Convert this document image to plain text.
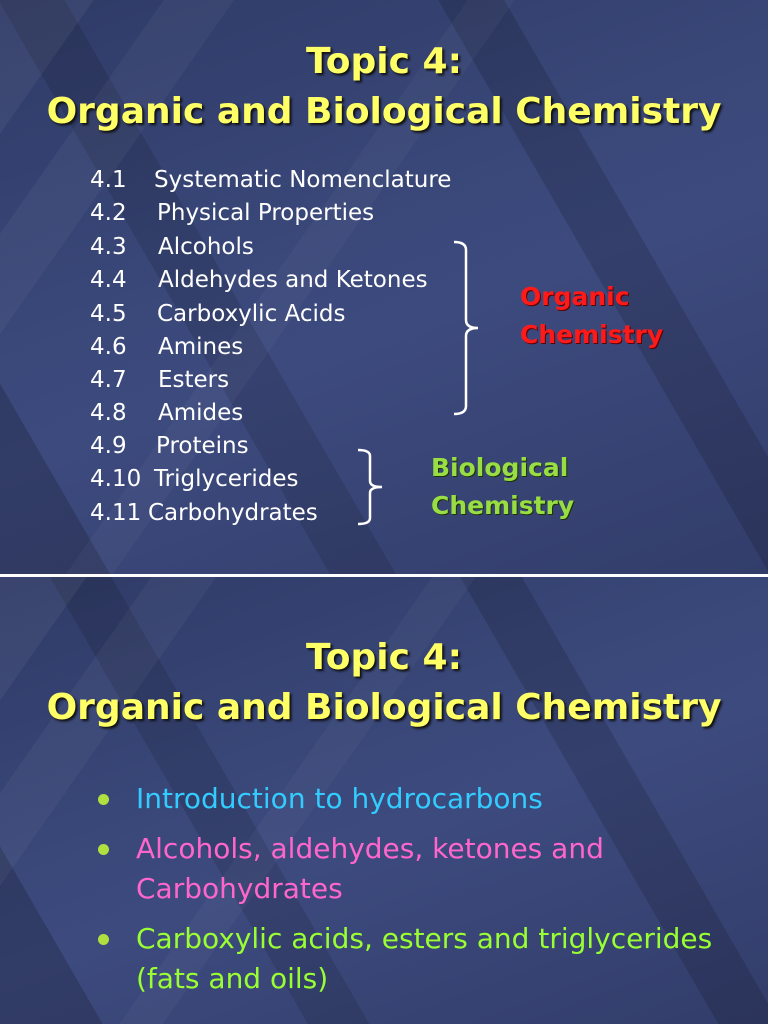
Topic 4:
Organic and Biological Chemistry
4.1 Systematic Nomenclature
4.2 Physical Properties
4.3 Alcohols
4.4 Aldehydes and Ketones
4.5 Carboxylic Acids
4.6 Amines
4.7 Esters
4.8 Amides
4.9 Proteins
4.10 Triglycerides
4.11 Carbohydrates
Organic
Chemistry
Biological
Chemistry
Topic 4:
Organic and Biological Chemistry
Introduction to hydrocarbons
Alcohols, aldehydes, ketones and Carbohydrates
Carboxylic acids, esters and triglycerides (fats and oils)
